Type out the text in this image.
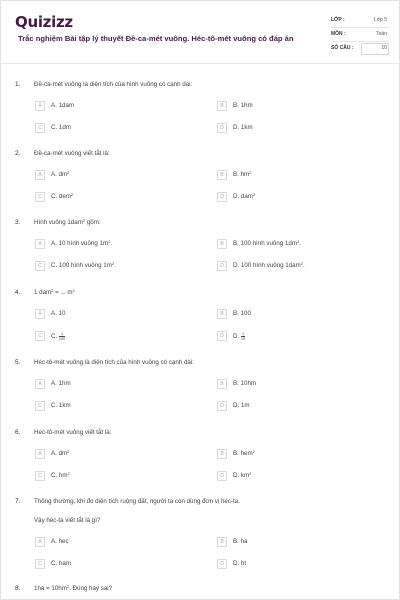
Quizizz
Trắc nghiệm Bài tập lý thuyết Đề-ca-mét vuông. Héc-tô-mét vuông có đáp án
LỚP :	Lớp 5
MÔN :	Toán
SỐ CÂU :	10
1. Đề-ca-mét vuông là diện tích của hình vuông có cạnh dài:
A	A. 1dam	B	B. 1hm
C	C. 1dm	D	D. 1km
2. Đề-ca-mét vuông viết tắt là:
A	A. $dm^2$	B	B. $hm^2$
C	C. dem$^2$	D	D. dam$^2$
3. Hình vuông 1dam$^2$ gồm:
A	A. 10 hình vuông $1m^2$.	B	B. 100 hình vuông $1dm^2$.
C	C. 100 hình vuông $1m^2$.	D	D. 100 hình vuông 1dam$^2$.
4. 1 dam$^2$ = ... $m^2$
A	A. 10	B	B. 100
C	C. $\frac{1}{100}$	D	D. $\frac{1}{10}$
5. Héc-tô-mét vuông là diện tích của hình vuông có cạnh dài:
A	A. 1hm	B	B. 10hm
C	C. 1km	D	D. 1m
6. Hec-tô-mét vuông viết tắt là:
A	A. $dm^2$	B	B. hem$^2$
C	C. $hm^2$	D	D. $km^2$
7. Thông thường, khi đo diện tích ruộng đất, người ta còn dùng đơn vị héc-ta.
Vậy héc-ta viết tắt là gì?
A	A. hec	B	B. ha
C	C. ham	D	D. ht
8. $1ha = 10hm^2$. Đúng hay sai?
